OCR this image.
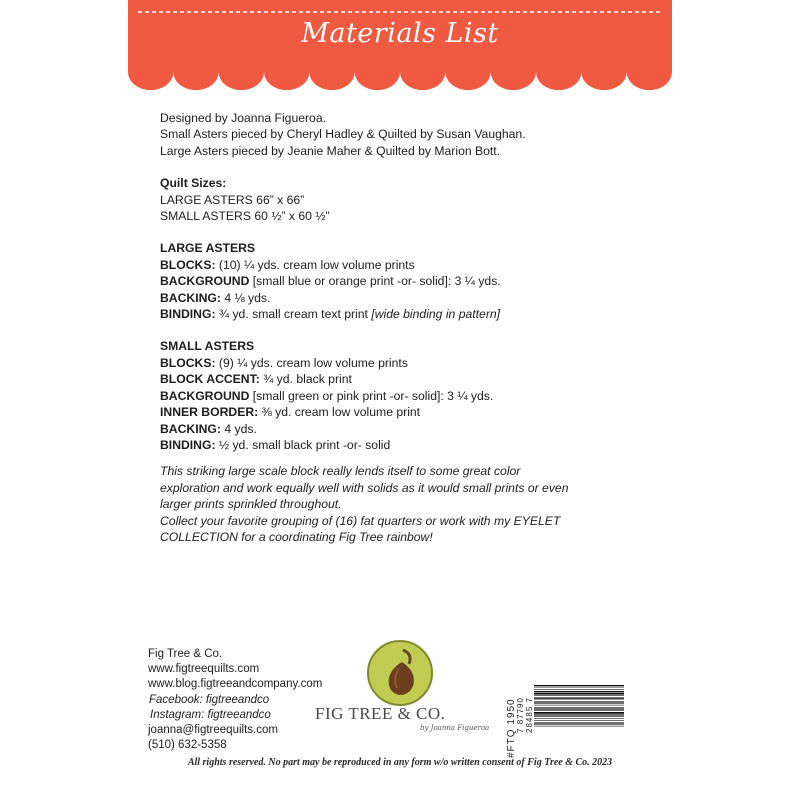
Materials List
Designed by Joanna Figueroa.
Small Asters pieced by Cheryl Hadley & Quilted by Susan Vaughan.
Large Asters pieced by Jeanie Maher & Quilted by Marion Bott.
Quilt Sizes:
LARGE ASTERS 66” x 66”
SMALL ASTERS 60 ½” x 60 ½”
LARGE ASTERS
BLOCKS: (10) ¼ yds. cream low volume prints
BACKGROUND [small blue or orange print -or- solid]: 3 ¼ yds.
BACKING: 4 ⅛ yds.
BINDING: ¾ yd. small cream text print [wide binding in pattern]
SMALL ASTERS
BLOCKS: (9) ¼ yds. cream low volume prints
BLOCK ACCENT: ¾ yd. black print
BACKGROUND [small green or pink print -or- solid]: 3 ¼ yds.
INNER BORDER: ⅜ yd. cream low volume print
BACKING: 4 yds.
BINDING: ½ yd. small black print -or- solid
This striking large scale block really lends itself to some great color
exploration and work equally well with solids as it would small prints or even
larger prints sprinkled throughout.
Collect your favorite grouping of (16) fat quarters or work with my EYELET
COLLECTION for a coordinating Fig Tree rainbow!
Fig Tree & Co.
www.figtreequilts.com
www.blog.figtreeandcompany.com
Facebook: figtreeandco
Instagram: figtreeandco
joanna@figtreequilts.com
(510) 632-5358
FIG TREE & CO.
by Joanna Figueroa #FTQ 1950 7 87790 28485 7
All rights reserved. No part may be reproduced in any form w/o written consent of Fig Tree & Co. 2023
